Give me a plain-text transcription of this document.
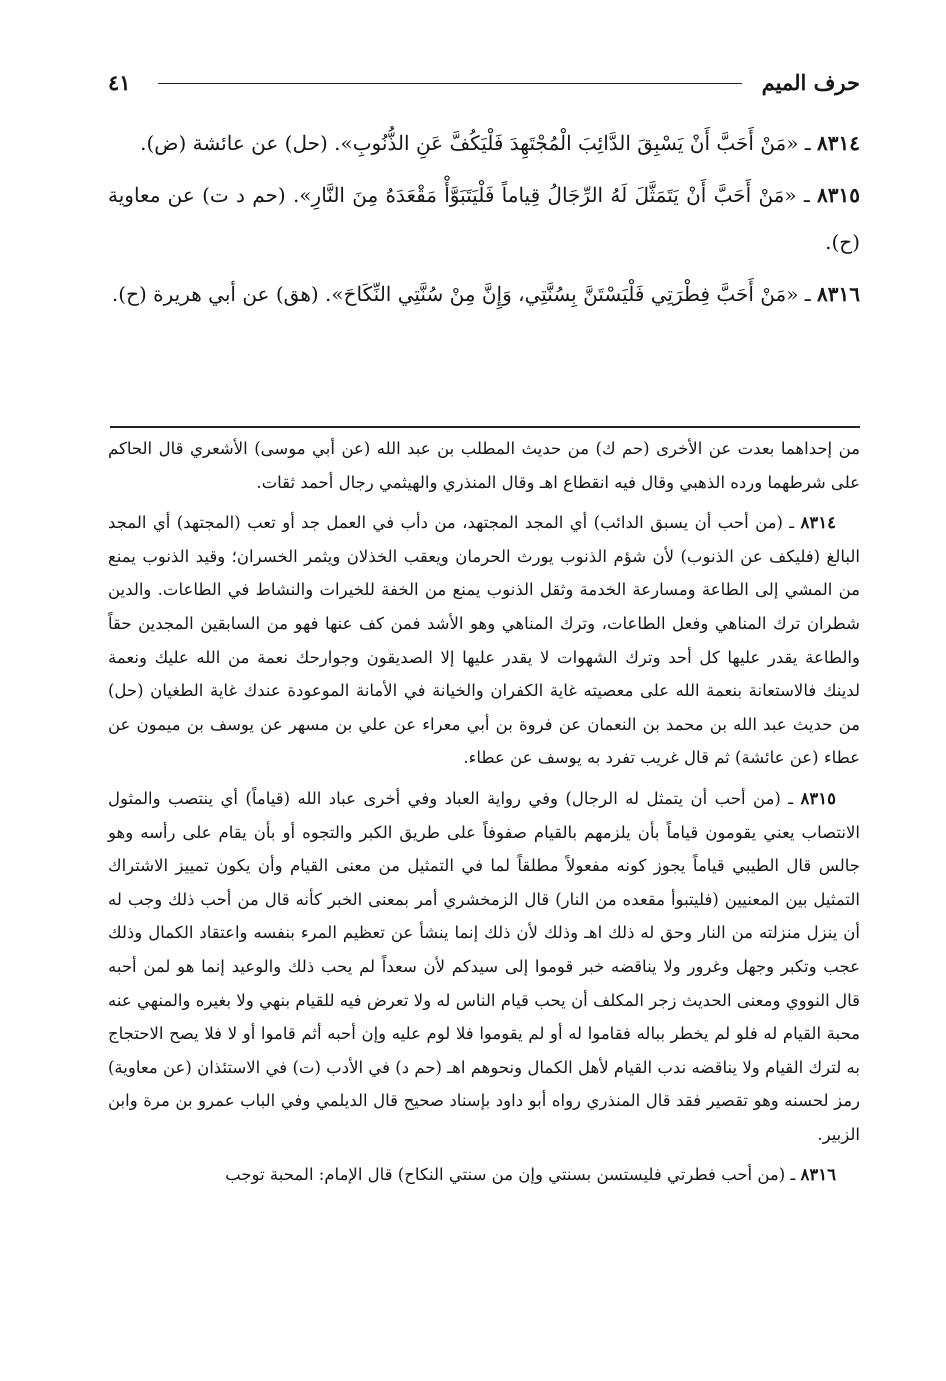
حرف الميم
٤١

٨٣١٤ ـ «مَنْ أَحَبَّ أَنْ يَسْبِقَ الدَّائِبَ الْمُجْتَهِدَ فَلْيَكُفَّ عَنِ الذُّنُوبِ». (حل) عن عائشة (ض).

٨٣١٥ ـ «مَنْ أَحَبَّ أَنْ يَتَمَثَّلَ لَهُ الرِّجَالُ قِياماً فَلْيَتَبَوَّأْ مَقْعَدَهُ مِنَ النَّارِ». (حم د ت) عن معاوية (ح).

٨٣١٦ ـ «مَنْ أَحَبَّ فِطْرَتِي فَلْيَسْتَنَّ بِسُنَّتِي، وَإِنَّ مِنْ سُنَّتِي النِّكَاحَ». (هق) عن أبي هريرة (ح).

من إحداهما بعدت عن الأخرى (حم ك) من حديث المطلب بن عبد الله (عن أبي موسى) الأشعري قال الحاكم على شرطهما ورده الذهبي وقال فيه انقطاع اهـ وقال المنذري والهيثمي رجال أحمد ثقات.

٨٣١٤ ـ (من أحب أن يسبق الدائب) أي المجد المجتهد، من دأب في العمل جد أو تعب (المجتهد) أي المجد البالغ (فليكف عن الذنوب) لأن شؤم الذنوب يورث الحرمان ويعقب الخذلان ويثمر الخسران؛ وقيد الذنوب يمنع من المشي إلى الطاعة ومسارعة الخدمة وثقل الذنوب يمنع من الخفة للخيرات والنشاط في الطاعات. والدين شطران ترك المناهي وفعل الطاعات، وترك المناهي وهو الأشد فمن كف عنها فهو من السابقين المجدين حقاً والطاعة يقدر عليها كل أحد وترك الشهوات لا يقدر عليها إلا الصديقون وجوارحك نعمة من الله عليك ونعمة لدينك فالاستعانة بنعمة الله على معصيته غاية الكفران والخيانة في الأمانة الموعودة عندك غاية الطغيان (حل) من حديث عبد الله بن محمد بن النعمان عن فروة بن أبي معراء عن علي بن مسهر عن يوسف بن ميمون عن عطاء (عن عائشة) ثم قال غريب تفرد به يوسف عن عطاء.

٨٣١٥ ـ (من أحب أن يتمثل له الرجال) وفي رواية العباد وفي أخرى عباد الله (قياماً) أي ينتصب والمثول الانتصاب يعني يقومون قياماً بأن يلزمهم بالقيام صفوفاً على طريق الكبر والتجوه أو بأن يقام على رأسه وهو جالس قال الطيبي قياماً يجوز كونه مفعولاً مطلقاً لما في التمثيل من معنى القيام وأن يكون تمييز الاشتراك التمثيل بين المعنيين (فليتبوأ مقعده من النار) قال الزمخشري أمر بمعنى الخبر كأنه قال من أحب ذلك وجب له أن ينزل منزلته من النار وحق له ذلك اهـ وذلك لأن ذلك إنما ينشأ عن تعظيم المرء بنفسه واعتقاد الكمال وذلك عجب وتكبر وجهل وغرور ولا يناقضه خبر قوموا إلى سيدكم لأن سعداً لم يحب ذلك والوعيد إنما هو لمن أحبه قال النووي ومعنى الحديث زجر المكلف أن يحب قيام الناس له ولا تعرض فيه للقيام بنهي ولا بغيره والمنهي عنه محبة القيام له فلو لم يخطر بباله فقاموا له أو لم يقوموا فلا لوم عليه وإن أحبه أثم قاموا أو لا فلا يصح الاحتجاج به لترك القيام ولا يناقضه ندب القيام لأهل الكمال ونحوهم اهـ (حم د) في الأدب (ت) في الاستئذان (عن معاوية) رمز لحسنه وهو تقصير فقد قال المنذري رواه أبو داود بإسناد صحيح قال الديلمي وفي الباب عمرو بن مرة وابن الزبير.

٨٣١٦ ـ (من أحب فطرتي فليستسن بسنتي وإن من سنتي النكاح) قال الإمام: المحبة توجب
